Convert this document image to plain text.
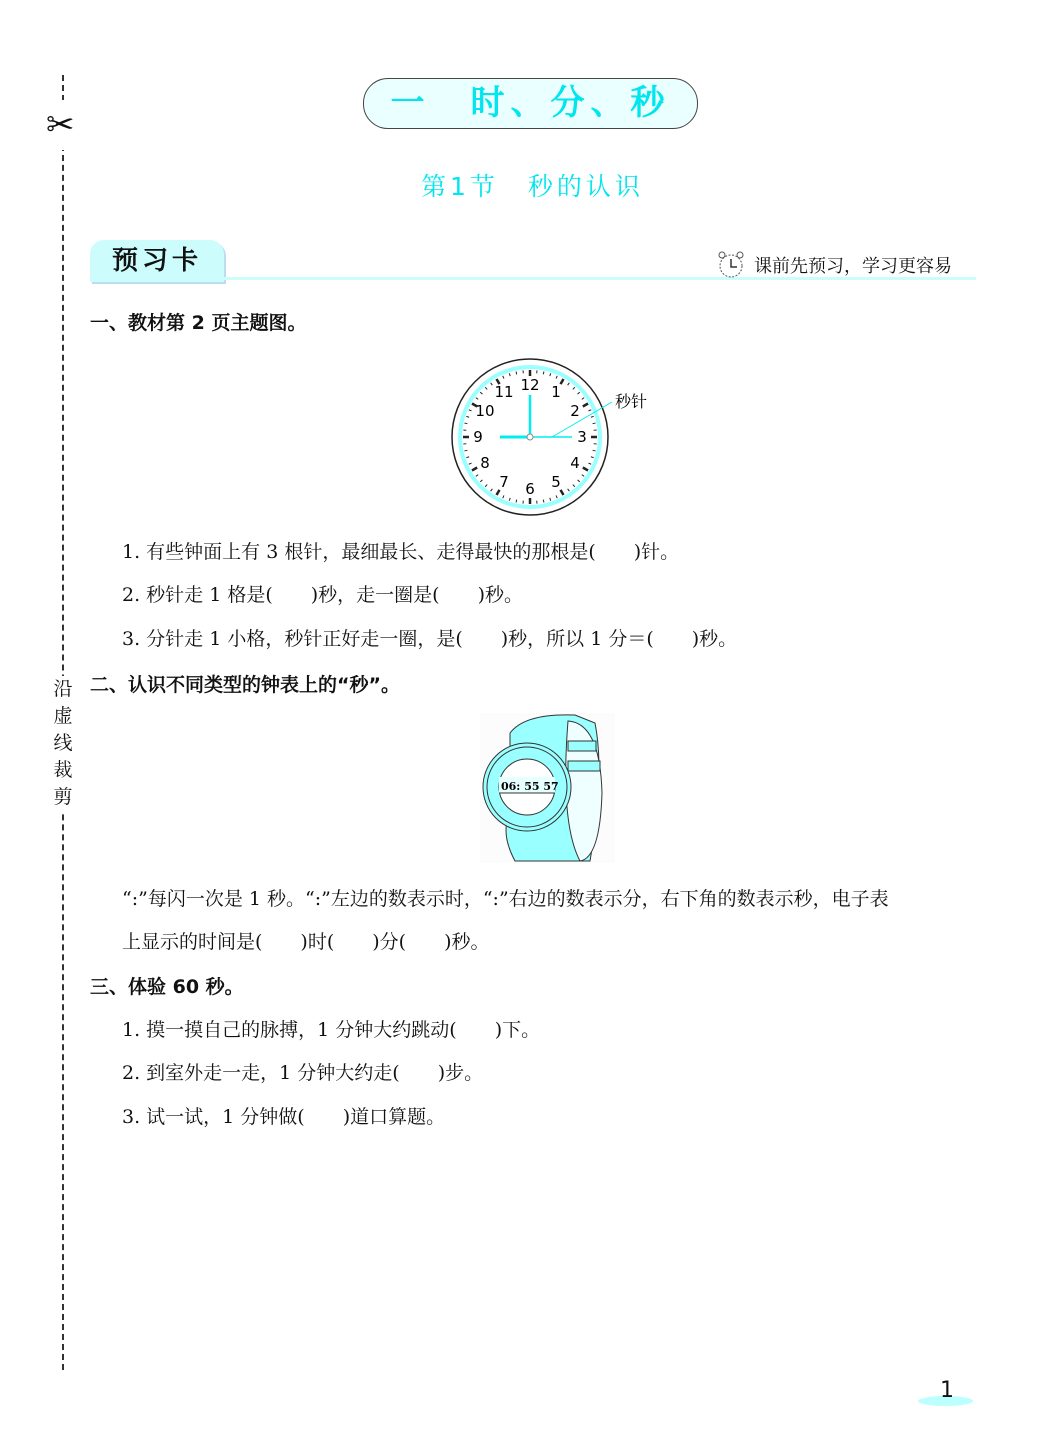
✂
沿虚线裁剪
一　时、分、秒
第1节　秒的认识
预习卡	课前先预习，学习更容易
一、教材第 2 页主题图。
12 1
2
3
4
5
6
7
8
9
10
11
秒针
1. 有些钟面上有 3 根针，最细最长、走得最快的那根是(　　)针。
2. 秒针走 1 格是(　　)秒，走一圈是(　　)秒。
3. 分针走 1 小格，秒针正好走一圈，是(　　)秒，所以 1 分＝(　　)秒。
二、认识不同类型的钟表上的“秒”。
06: 55 57
“:”每闪一次是 1 秒。“:”左边的数表示时，“:”右边的数表示分，右下角的数表示秒，电子表
上显示的时间是(　　)时(　　)分(　　)秒。
三、体验 60 秒。
1. 摸一摸自己的脉搏，1 分钟大约跳动(　　)下。
2. 到室外走一走，1 分钟大约走(　　)步。
3. 试一试，1 分钟做(　　)道口算题。
1
